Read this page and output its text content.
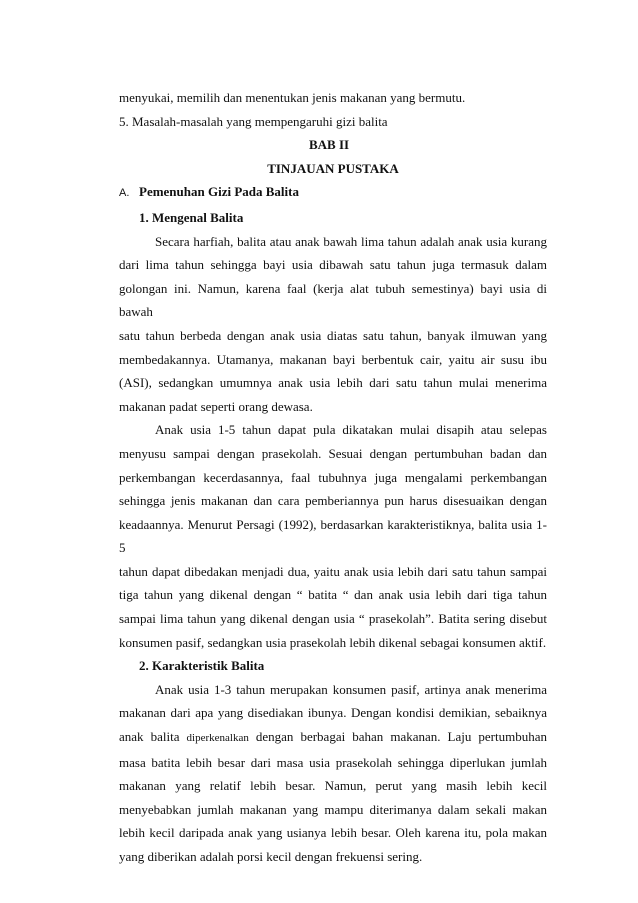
menyukai, memilih dan menentukan jenis makanan yang bermutu.

5. Masalah-masalah yang mempengaruhi gizi balita

BAB II

TINJAUAN PUSTAKA

A. Pemenuhan Gizi Pada Balita

1. Mengenal Balita

Secara harfiah, balita atau anak bawah lima tahun adalah anak usia kurang

dari lima tahun sehingga bayi usia dibawah satu tahun juga termasuk dalam

golongan ini. Namun, karena faal (kerja alat tubuh semestinya) bayi usia di bawah

satu tahun berbeda dengan anak usia diatas satu tahun, banyak ilmuwan yang

membedakannya. Utamanya, makanan bayi berbentuk cair, yaitu air susu ibu

(ASI), sedangkan umumnya anak usia lebih dari satu tahun mulai menerima

makanan padat seperti orang dewasa.

Anak usia 1-5 tahun dapat pula dikatakan mulai disapih atau selepas

menyusu sampai dengan prasekolah. Sesuai dengan pertumbuhan badan dan

perkembangan kecerdasannya, faal tubuhnya juga mengalami perkembangan

sehingga jenis makanan dan cara pemberiannya pun harus disesuaikan dengan

keadaannya. Menurut Persagi (1992), berdasarkan karakteristiknya, balita usia 1-5

tahun dapat dibedakan menjadi dua, yaitu anak usia lebih dari satu tahun sampai

tiga tahun yang dikenal dengan “ batita “ dan anak usia lebih dari tiga tahun

sampai lima tahun yang dikenal dengan usia “ prasekolah”. Batita sering disebut

konsumen pasif, sedangkan usia prasekolah lebih dikenal sebagai konsumen aktif.

2. Karakteristik Balita

Anak usia 1-3 tahun merupakan konsumen pasif, artinya anak menerima

makanan dari apa yang disediakan ibunya. Dengan kondisi demikian, sebaiknya

anak balita diperkenalkan dengan berbagai bahan makanan. Laju pertumbuhan

masa batita lebih besar dari masa usia prasekolah sehingga diperlukan jumlah

makanan yang relatif lebih besar. Namun, perut yang masih lebih kecil

menyebabkan jumlah makanan yang mampu diterimanya dalam sekali makan

lebih kecil daripada anak yang usianya lebih besar. Oleh karena itu, pola makan

yang diberikan adalah porsi kecil dengan frekuensi sering.
